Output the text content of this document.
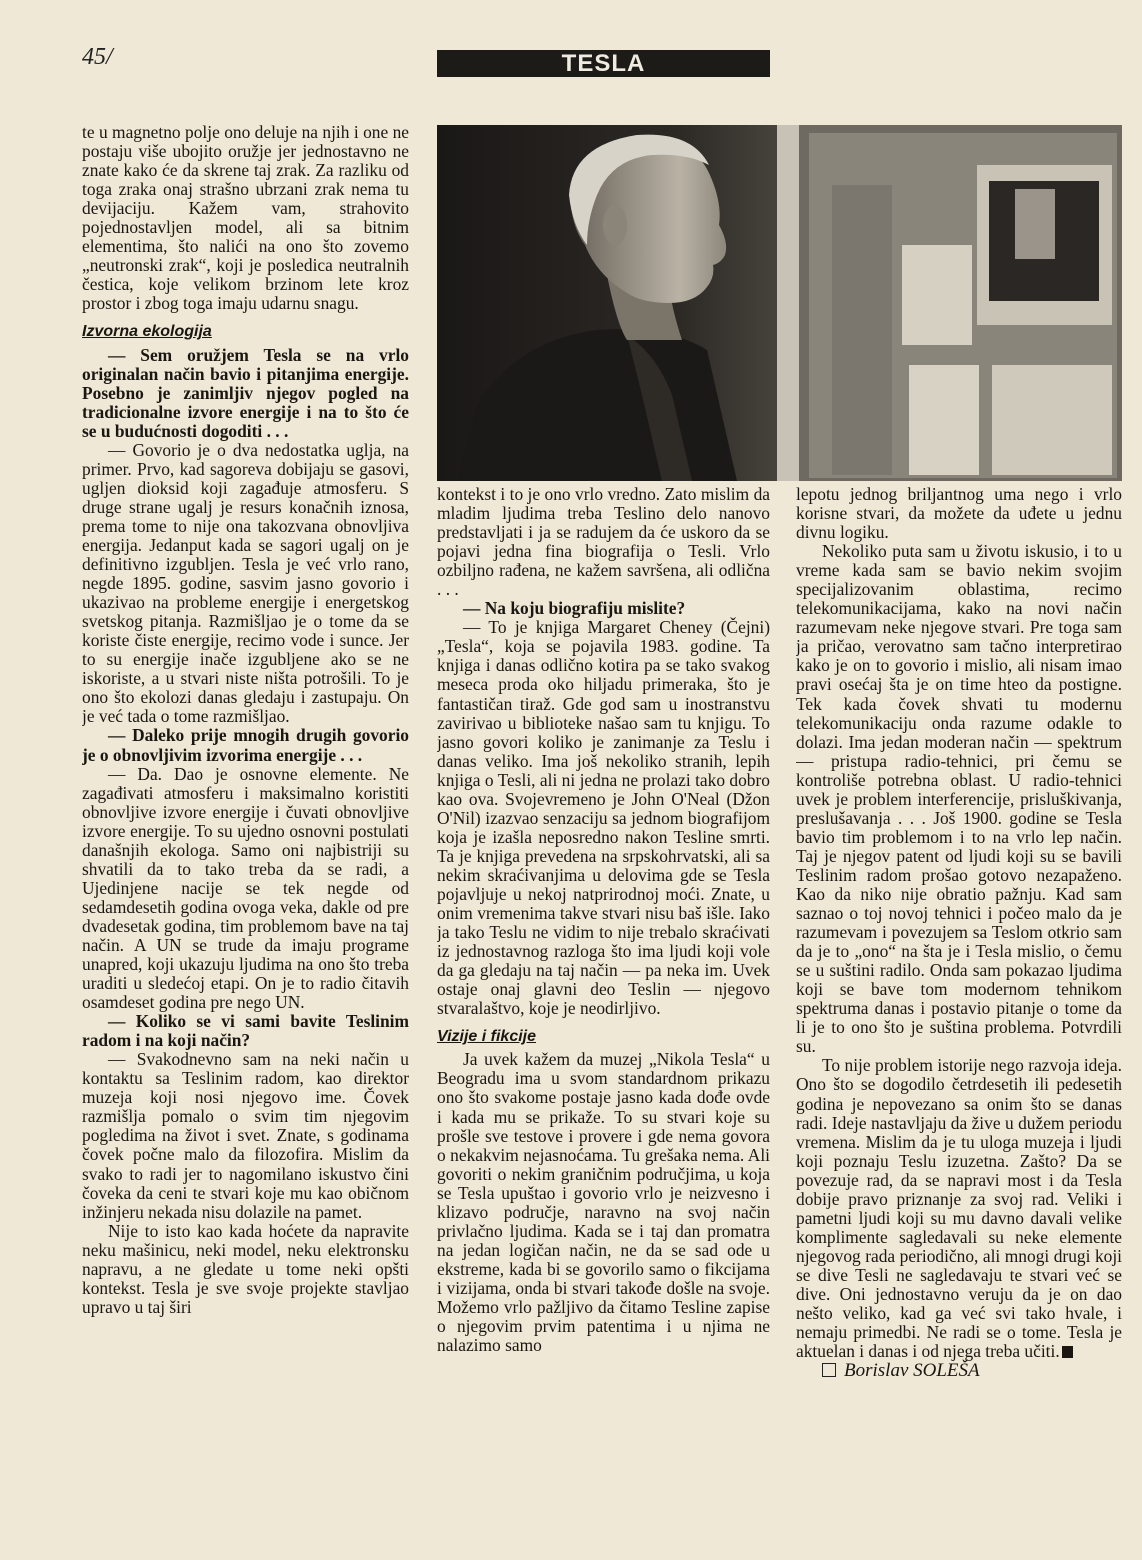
45/	TESLA

te u magnetno polje ono deluje na njih i one ne postaju više ubojito oružje jer jednostavno ne znate kako će da skrene taj zrak. Za razliku od toga zraka onaj strašno ubrzani zrak nema tu devijaciju. Kažem vam, strahovito pojednostavljen model, ali sa bitnim elementima, što nalići na ono što zovemo „neutronski zrak“, koji je posledica neutralnih čestica, koje velikom brzinom lete kroz prostor i zbog toga imaju udarnu snagu.

Izvorna ekologija

— Sem oružjem Tesla se na vrlo originalan način bavio i pitanjima energije. Posebno je zanimljiv njegov pogled na tradicionalne izvore energije i na to što će se u budućnosti dogoditi . . .

— Govorio je o dva nedostatka uglja, na primer. Prvo, kad sagoreva dobijaju se gasovi, ugljen dioksid koji zagađuje atmosferu. S druge strane ugalj je resurs konačnih iznosa, prema tome to nije ona takozvana obnovljiva energija. Jedanput kada se sagori ugalj on je definitivno izgubljen. Tesla je već vrlo rano, negde 1895. godine, sasvim jasno govorio i ukazivao na probleme energije i energetskog svetskog pitanja. Razmišljao je o tome da se koriste čiste energije, recimo vode i sunce. Jer to su energije inače izgubljene ako se ne iskoriste, a u stvari niste ništa potrošili. To je ono što ekolozi danas gledaju i zastupaju. On je već tada o tome razmišljao.

— Daleko prije mnogih drugih govorio je o obnovljivim izvorima energije . . .

— Da. Dao je osnovne elemente. Ne zagađivati atmosferu i maksimalno koristiti obnovljive izvore energije i čuvati obnovljive izvore energije. To su ujedno osnovni postulati današnjih ekologa. Samo oni najbistriji su shvatili da to tako treba da se radi, a Ujedinjene nacije se tek negde od sedamdesetih godina ovoga veka, dakle od pre dvadesetak godina, tim problemom bave na taj način. A UN se trude da imaju programe unapred, koji ukazuju ljudima na ono što treba uraditi u sledećoj etapi. On je to radio čitavih osamdeset godina pre nego UN.

— Koliko se vi sami bavite Teslinim radom i na koji način?

— Svakodnevno sam na neki način u kontaktu sa Teslinim radom, kao direktor muzeja koji nosi njegovo ime. Čovek razmišlja pomalo o svim tim njegovim pogledima na život i svet. Znate, s godinama čovek počne malo da filozofira. Mislim da svako to radi jer to nagomilano iskustvo čini čoveka da ceni te stvari koje mu kao običnom inžinjeru nekada nisu dolazile na pamet.

Nije to isto kao kada hoćete da napravite neku mašinicu, neki model, neku elektronsku napravu, a ne gledate u tome neki opšti kontekst. Tesla je sve svoje projekte stavljao upravo u taj širi

kontekst i to je ono vrlo vredno. Zato mislim da mladim ljudima treba Teslino delo nanovo predstavljati i ja se radujem da će uskoro da se pojavi jedna fina biografija o Tesli. Vrlo ozbiljno rađena, ne kažem savršena, ali odlična . . .

— Na koju biografiju mislite?

— To je knjiga Margaret Cheney (Čejni) „Tesla“, koja se pojavila 1983. godine. Ta knjiga i danas odlično kotira pa se tako svakog meseca proda oko hiljadu primeraka, što je fantastičan tiraž. Gde god sam u inostranstvu zavirivao u biblioteke našao sam tu knjigu. To jasno govori koliko je zanimanje za Teslu i danas veliko. Ima još nekoliko stranih, lepih knjiga o Tesli, ali ni jedna ne prolazi tako dobro kao ova. Svojevremeno je John O'Neal (Džon O'Nil) izazvao senzaciju sa jednom biografijom koja je izašla neposredno nakon Tesline smrti. Ta je knjiga prevedena na srpskohrvatski, ali sa nekim skraćivanjima u delovima gde se Tesla pojavljuje u nekoj natprirodnoj moći. Znate, u onim vremenima takve stvari nisu baš išle. Iako ja tako Teslu ne vidim to nije trebalo skraćivati iz jednostavnog razloga što ima ljudi koji vole da ga gledaju na taj način — pa neka im. Uvek ostaje onaj glavni deo Teslin — njegovo stvaralaštvo, koje je neodirljivo.

Vizije i fikcije

Ja uvek kažem da muzej „Nikola Tesla“ u Beogradu ima u svom standardnom prikazu ono što svakome postaje jasno kada dođe ovde i kada mu se prikaže. To su stvari koje su prošle sve testove i provere i gde nema govora o nekakvim nejasnoćama. Tu grešaka nema. Ali govoriti o nekim graničnim područjima, u koja se Tesla upuštao i govorio vrlo je neizvesno i klizavo područje, naravno na svoj način privlačno ljudima. Kada se i taj dan promatra na jedan logičan način, ne da se sad ode u ekstreme, kada bi se govorilo samo o fikcijama i vizijama, onda bi stvari takođe došle na svoje. Možemo vrlo pažljivo da čitamo Tesline zapise o njegovim prvim patentima i u njima ne nalazimo samo

lepotu jednog briljantnog uma nego i vrlo korisne stvari, da možete da uđete u jednu divnu logiku.

Nekoliko puta sam u životu iskusio, i to u vreme kada sam se bavio nekim svojim specijalizovanim oblastima, recimo telekomunikacijama, kako na novi način razumevam neke njegove stvari. Pre toga sam ja pričao, verovatno sam tačno interpretirao kako je on to govorio i mislio, ali nisam imao pravi osećaj šta je on time hteo da postigne. Tek kada čovek shvati tu modernu telekomunikaciju onda razume odakle to dolazi. Ima jedan moderan način — spektrum — pristupa radio-tehnici, pri čemu se kontroliše potrebna oblast. U radio-tehnici uvek je problem interferencije, prisluškivanja, preslušavanja . . . Još 1900. godine se Tesla bavio tim problemom i to na vrlo lep način. Taj je njegov patent od ljudi koji su se bavili Teslinim radom prošao gotovo nezapaženo. Kao da niko nije obratio pažnju. Kad sam saznao o toj novoj tehnici i počeo malo da je razumevam i povezujem sa Teslom otkrio sam da je to „ono“ na šta je i Tesla mislio, o čemu se u suštini radilo. Onda sam pokazao ljudima koji se bave tom modernom tehnikom spektruma danas i postavio pitanje o tome da li je to ono što je suština problema. Potvrdili su.

To nije problem istorije nego razvoja ideja. Ono što se dogodilo četrdesetih ili pedesetih godina je nepovezano sa onim što se danas radi. Ideje nastavljaju da žive u dužem periodu vremena. Mislim da je tu uloga muzeja i ljudi koji poznaju Teslu izuzetna. Zašto? Da se povezuje rad, da se napravi most i da Tesla dobije pravo priznanje za svoj rad. Veliki i pametni ljudi koji su mu davno davali velike komplimente sagledavali su neke elemente njegovog rada periodično, ali mnogi drugi koji se dive Tesli ne sagledavaju te stvari već se dive. Oni jednostavno veruju da je on dao nešto veliko, kad ga već svi tako hvale, i nemaju primedbi. Ne radi se o tome. Tesla je aktuelan i danas i od njega treba učiti.

Borislav SOLEŠA
